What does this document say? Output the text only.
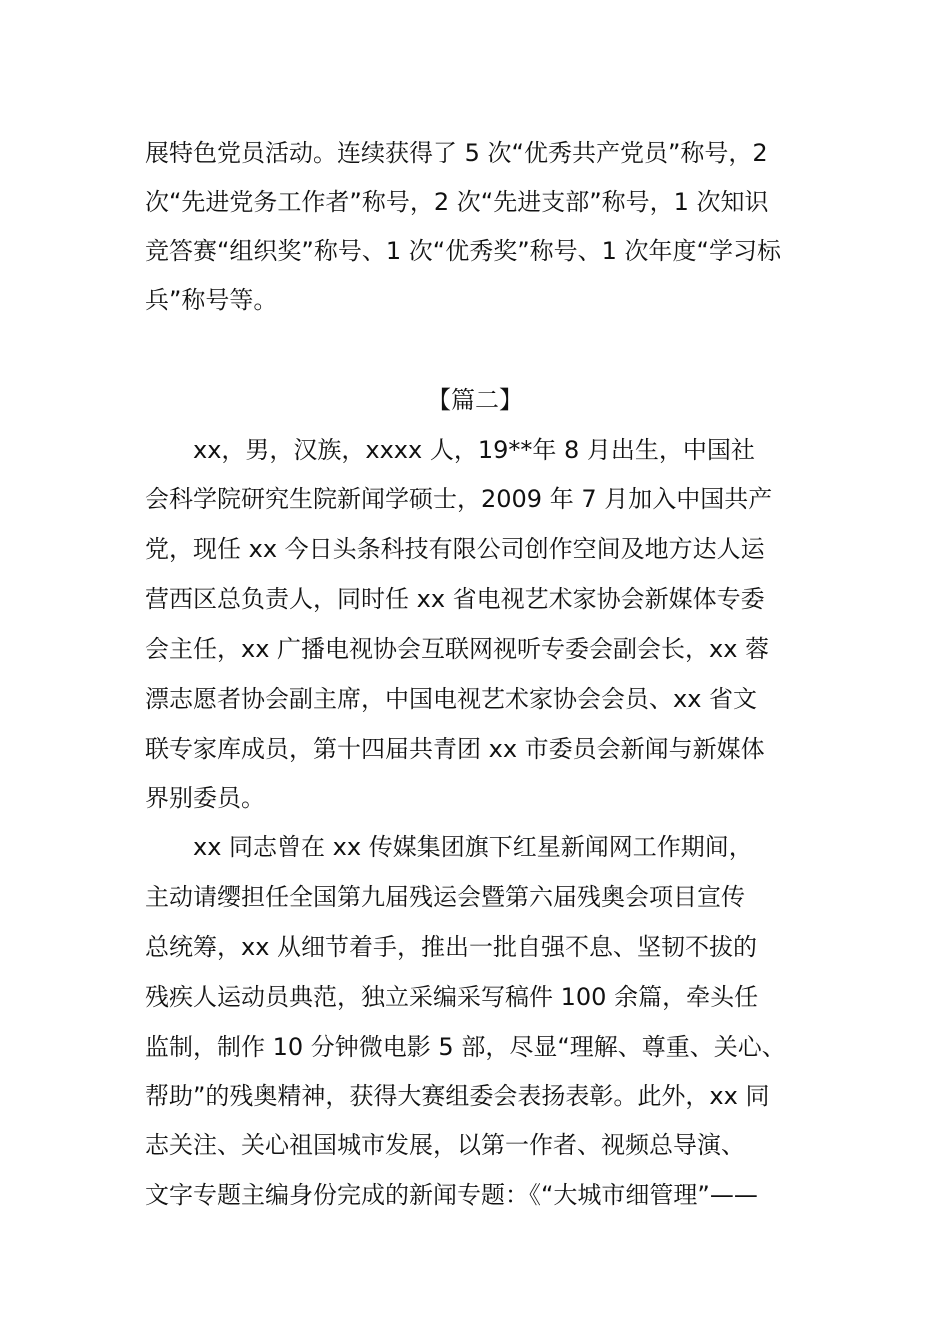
展特色党员活动。连续获得了 5 次“优秀共产党员”称号，2
次“先进党务工作者”称号，2 次“先进支部”称号，1 次知识
竞答赛“组织奖”称号、1 次“优秀奖”称号、1 次年度“学习标
兵”称号等。
【篇二】
xx，男，汉族，xxxx 人，19**年 8 月出生，中国社
会科学院研究生院新闻学硕士，2009 年 7 月加入中国共产
党，现任 xx 今日头条科技有限公司创作空间及地方达人运
营西区总负责人，同时任 xx 省电视艺术家协会新媒体专委
会主任，xx 广播电视协会互联网视听专委会副会长，xx 蓉
漂志愿者协会副主席，中国电视艺术家协会会员、xx 省文
联专家库成员，第十四届共青团 xx 市委员会新闻与新媒体
界别委员。
xx 同志曾在 xx 传媒集团旗下红星新闻网工作期间，
主动请缨担任全国第九届残运会暨第六届残奥会项目宣传
总统筹，xx 从细节着手，推出一批自强不息、坚韧不拔的
残疾人运动员典范，独立采编采写稿件 100 余篇，牵头任
监制，制作 10 分钟微电影 5 部，尽显“理解、尊重、关心、
帮助”的残奥精神，获得大赛组委会表扬表彰。此外，xx 同
志关注、关心祖国城市发展，以第一作者、视频总导演、
文字专题主编身份完成的新闻专题：《“大城市细管理”——
